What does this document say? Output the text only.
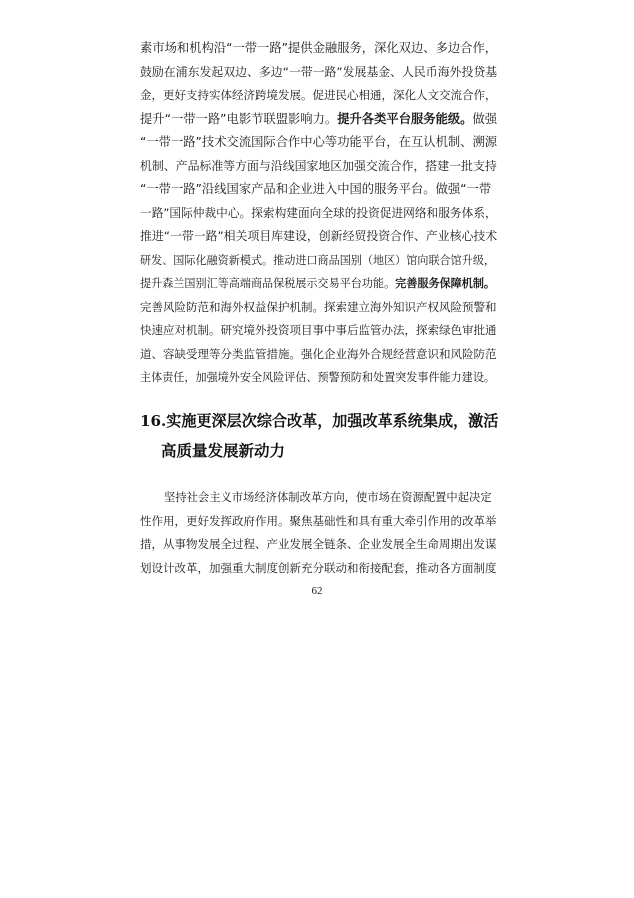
素市场和机构沿“一带一路”提供金融服务，深化双边、多边合作，
鼓励在浦东发起双边、多边“一带一路”发展基金、人民币海外投贷基
金，更好支持实体经济跨境发展。促进民心相通，深化人文交流合作，
提升“一带一路”电影节联盟影响力。提升各类平台服务能级。做强
“一带一路”技术交流国际合作中心等功能平台，在互认机制、溯源
机制、产品标准等方面与沿线国家地区加强交流合作，搭建一批支持
“一带一路”沿线国家产品和企业进入中国的服务平台。做强“一带
一路”国际仲裁中心。探索构建面向全球的投资促进网络和服务体系，
推进“一带一路”相关项目库建设，创新经贸投资合作、产业核心技术
研发、国际化融资新模式。推动进口商品国别（地区）馆向联合馆升级，
提升森兰国别汇等高端商品保税展示交易平台功能。完善服务保障机制。
完善风险防范和海外权益保护机制。探索建立海外知识产权风险预警和
快速应对机制。研究境外投资项目事中事后监管办法，探索绿色审批通
道、容缺受理等分类监管措施。强化企业海外合规经营意识和风险防范
主体责任，加强境外安全风险评估、预警预防和处置突发事件能力建设。
16.实施更深层次综合改革，加强改革系统集成，激活
高质量发展新动力
坚持社会主义市场经济体制改革方向，使市场在资源配置中起决定
性作用，更好发挥政府作用。聚焦基础性和具有重大牵引作用的改革举
措，从事物发展全过程、产业发展全链条、企业发展全生命周期出发谋
划设计改革，加强重大制度创新充分联动和衔接配套，推动各方面制度
62
